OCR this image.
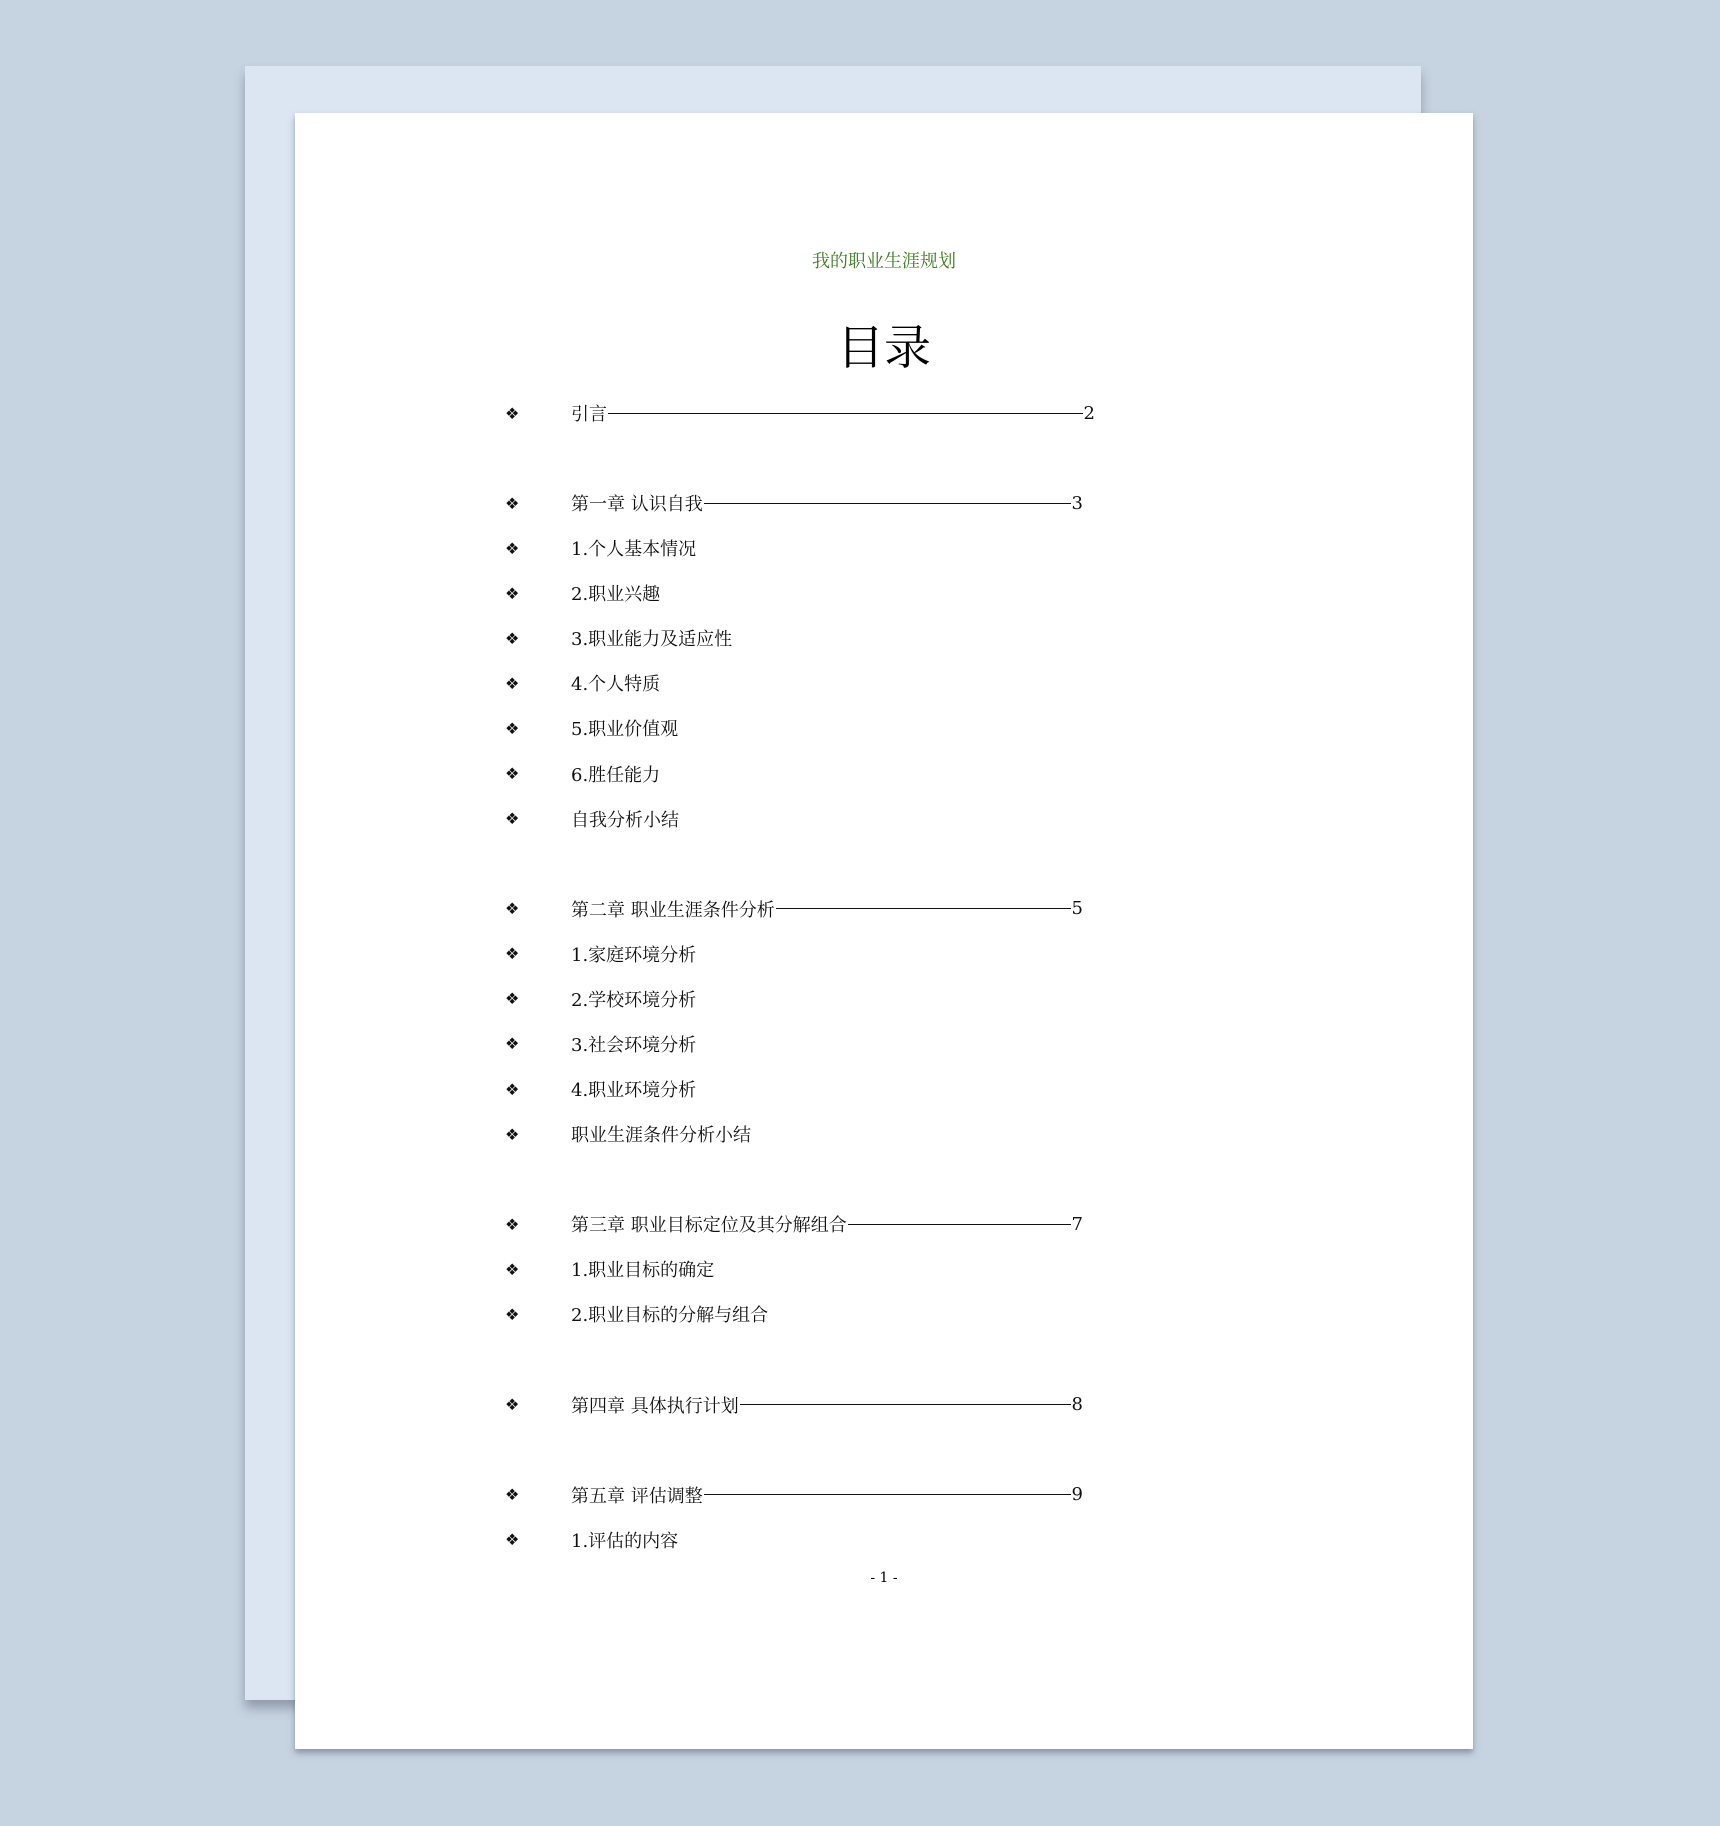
我的职业生涯规划
目录
❖	引言	2
❖	第一章 认识自我	3
❖	1.个人基本情况
❖	2.职业兴趣
❖	3.职业能力及适应性
❖	4.个人特质
❖	5.职业价值观
❖	6.胜任能力
❖	自我分析小结
❖	第二章 职业生涯条件分析	5
❖	1.家庭环境分析
❖	2.学校环境分析
❖	3.社会环境分析
❖	4.职业环境分析
❖	职业生涯条件分析小结
❖	第三章 职业目标定位及其分解组合	7
❖	1.职业目标的确定
❖	2.职业目标的分解与组合
❖	第四章 具体执行计划	8
❖	第五章 评估调整	9
❖	1.评估的内容
- 1 -
